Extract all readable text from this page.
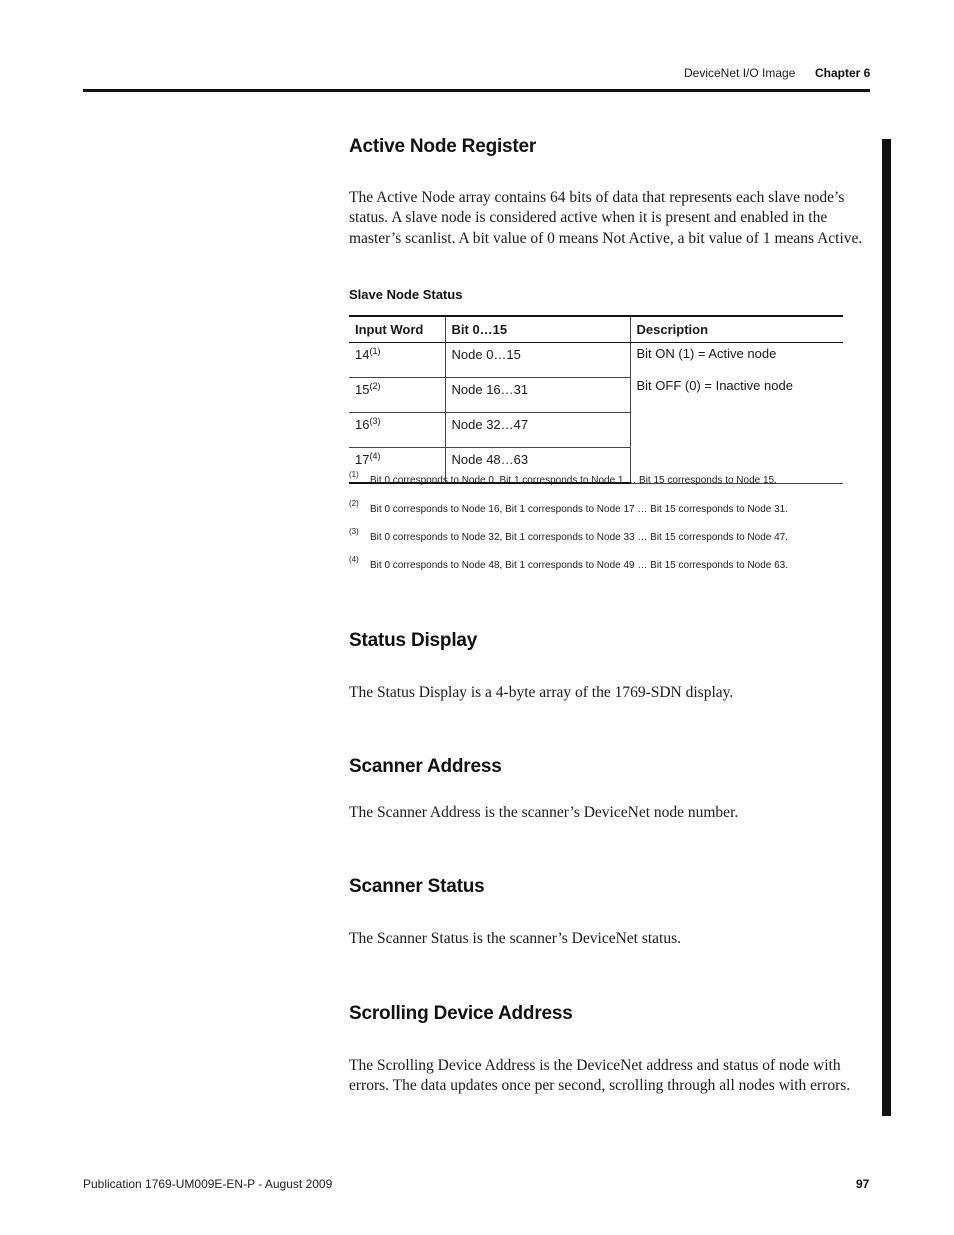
DeviceNet I/O Image Chapter 6
Active Node Register
The Active Node array contains 64 bits of data that represents each slave node’s status. A slave node is considered active when it is present and enabled in the master’s scanlist. A bit value of 0 means Not Active, a bit value of 1 means Active.
Slave Node Status
Input Word	Bit 0…15	Description
14$^{(1)}$	Node 0…15	Bit ON (1) = Active node
Bit OFF (0) = Inactive node

15$^{(2)}$	Node 16…31	
16$^{(3)}$	Node 32…47	
17$^{(4)}$	Node 48…63	
(1)
Bit 0 corresponds to Node 0, Bit 1 corresponds to Node 1 … Bit 15 corresponds to Node 15.
(2)
Bit 0 corresponds to Node 16, Bit 1 corresponds to Node 17 … Bit 15 corresponds to Node 31.
(3)
Bit 0 corresponds to Node 32, Bit 1 corresponds to Node 33 … Bit 15 corresponds to Node 47.
(4)
Bit 0 corresponds to Node 48, Bit 1 corresponds to Node 49 … Bit 15 corresponds to Node 63.
Status Display
The Status Display is a 4-byte array of the 1769-SDN display.
Scanner Address
The Scanner Address is the scanner’s DeviceNet node number.
Scanner Status
The Scanner Status is the scanner’s DeviceNet status.
Scrolling Device Address
The Scrolling Device Address is the DeviceNet address and status of node with errors. The data updates once per second, scrolling through all nodes with errors.
Publication 1769-UM009E-EN-P - August 2009	97
